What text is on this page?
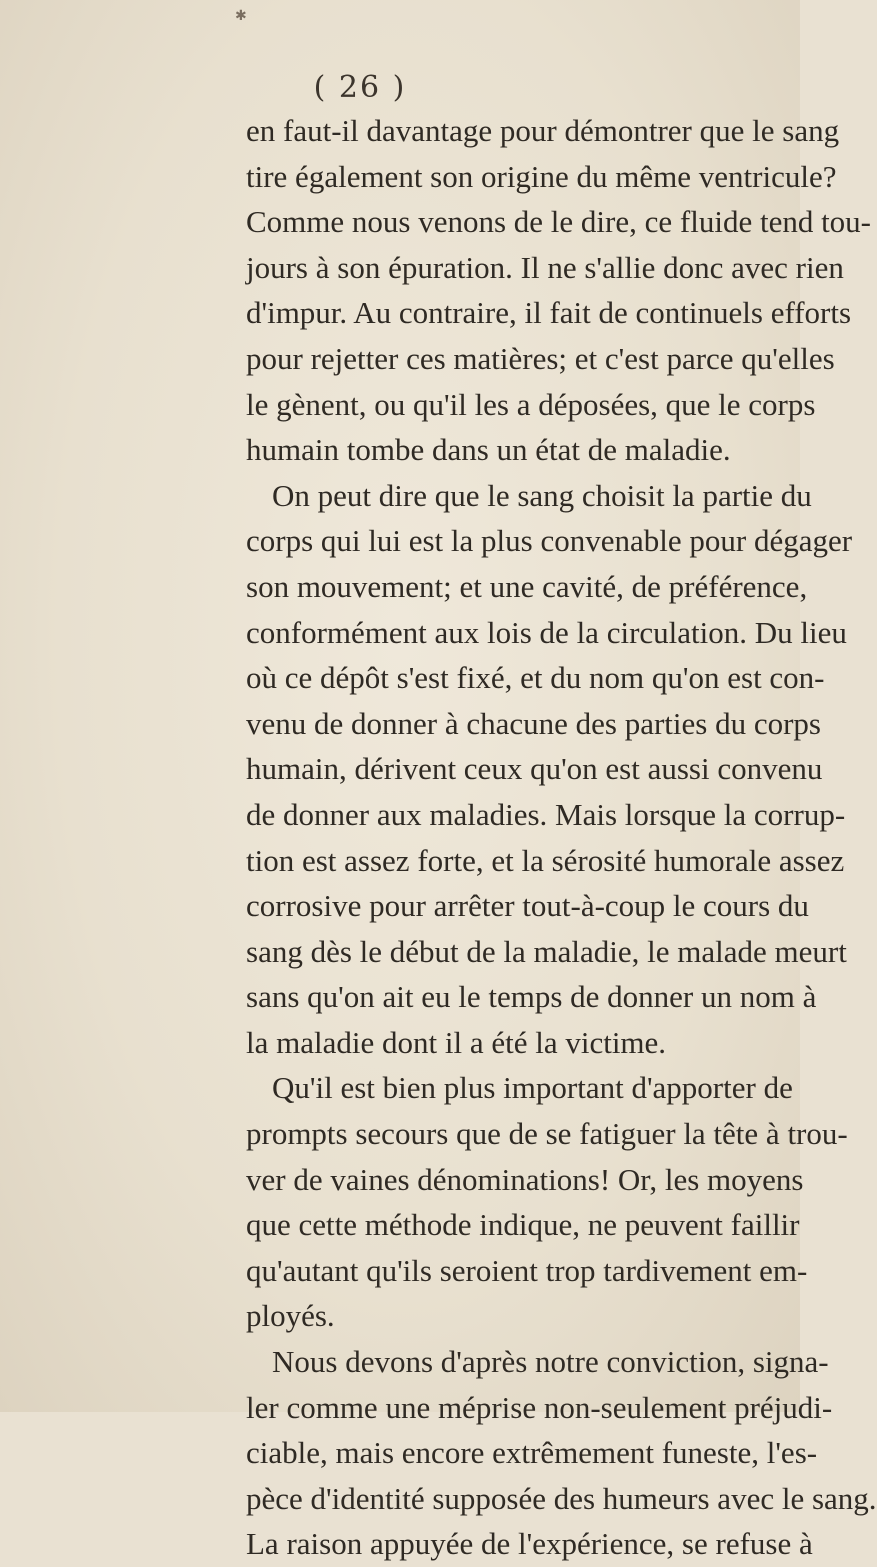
✱
( 26 )
en faut-il davantage pour démontrer que le sang
tire également son origine du même ventricule?
Comme nous venons de le dire, ce fluide tend tou-
jours à son épuration. Il ne s'allie donc avec rien
d'impur. Au contraire, il fait de continuels efforts
pour rejetter ces matières; et c'est parce qu'elles
le gènent, ou qu'il les a déposées, que le corps
humain tombe dans un état de maladie.
On peut dire que le sang choisit la partie du
corps qui lui est la plus convenable pour dégager
son mouvement; et une cavité, de préférence,
conformément aux lois de la circulation. Du lieu
où ce dépôt s'est fixé, et du nom qu'on est con-
venu de donner à chacune des parties du corps
humain, dérivent ceux qu'on est aussi convenu
de donner aux maladies. Mais lorsque la corrup-
tion est assez forte, et la sérosité humorale assez
corrosive pour arrêter tout-à-coup le cours du
sang dès le début de la maladie, le malade meurt
sans qu'on ait eu le temps de donner un nom à
la maladie dont il a été la victime.
Qu'il est bien plus important d'apporter de
prompts secours que de se fatiguer la tête à trou-
ver de vaines dénominations! Or, les moyens
que cette méthode indique, ne peuvent faillir
qu'autant qu'ils seroient trop tardivement em-
ployés.
Nous devons d'après notre conviction, signa-
ler comme une méprise non-seulement préjudi-
ciable, mais encore extrêmement funeste, l'es-
pèce d'identité supposée des humeurs avec le sang.
La raison appuyée de l'expérience, se refuse à
